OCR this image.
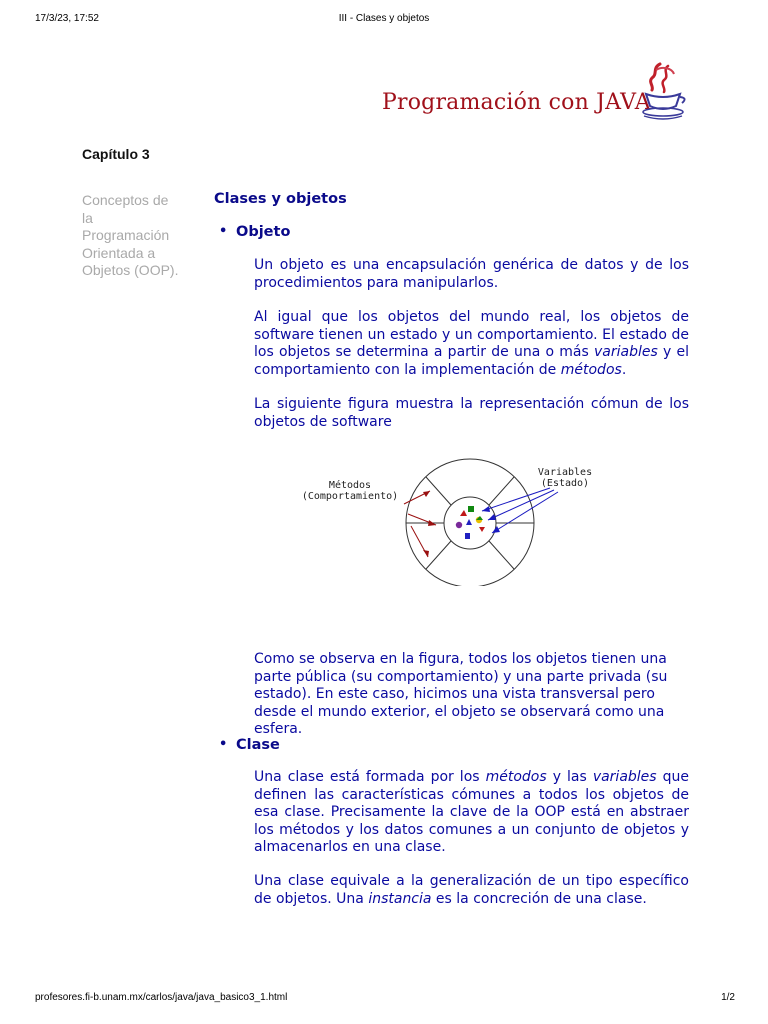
17/3/23, 17:52	III - Clases y objetos
Programación con JAVA
Capítulo 3
Conceptos de la Programación Orientada a Objetos (OOP).
Clases y objetos
• Objeto
Un objeto es una encapsulación genérica de datos y de los procedimientos para manipularlos.
Al igual que los objetos del mundo real, los objetos de software tienen un estado y un comportamiento. El estado de los objetos se determina a partir de una o más variables y el comportamiento con la implementación de métodos.
La siguiente figura muestra la representación cómun de los objetos de software
Como se observa en la figura, todos los objetos tienen una parte pública (su comportamiento) y una parte privada (su estado). En este caso, hicimos una vista transversal pero desde el mundo exterior, el objeto se observará como una esfera.
• Clase
Una clase está formada por los métodos y las variables que definen las características cómunes a todos los objetos de esa clase. Precisamente la clave de la OOP está en abstraer los métodos y los datos comunes a un conjunto de objetos y almacenarlos en una clase.
Una clase equivale a la generalización de un tipo específico de objetos. Una instancia es la concreción de una clase.
Métodos
(Comportamiento)
Variables
(Estado)
profesores.fi-b.unam.mx/carlos/java/java_basico3_1.html	1/2
